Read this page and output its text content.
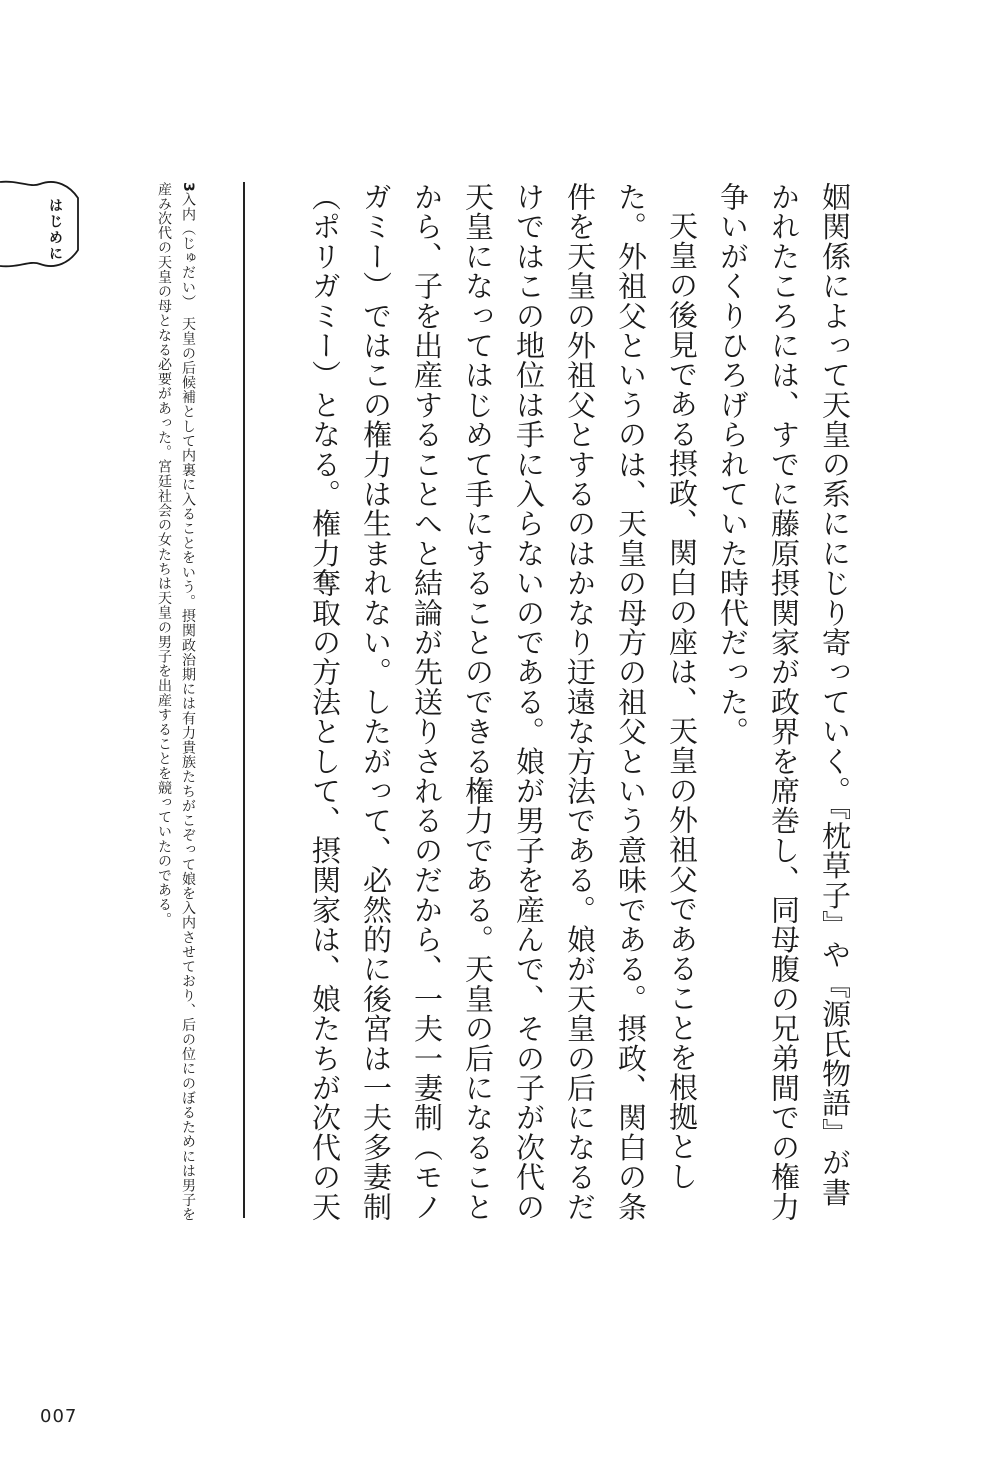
はじめに	姻関係によって天皇の系ににじり寄っていく。『枕草子』や『源氏物語』が書かれたころには、すでに藤原摂関家が政界を席巻し、同母腹の兄弟間での権力争いがくりひろげられていた時代だった。

天皇の後見である摂政、関白の座は、天皇の外祖父であることを根拠とした。外祖父というのは、天皇の母方の祖父という意味である。摂政、関白の条件を天皇の外祖父とするのはかなり迂遠な方法である。娘が天皇の后になるだけではこの地位は手に入らないのである。娘が男子を産んで、その子が次代の天皇になってはじめて手にすることのできる権力である。天皇の后になることから、子を出産することへと結論が先送りされるのだから、一夫一妻制（モノガミー）ではこの権力は生まれない。したがって、必然的に後宮は一夫多妻制（ポリガミー）となる。権力奪取の方法として、摂関家は、娘たちが次代の天

3入内（じゅだい）　天皇の后候補として内裏に入ることをいう。摂関政治期には有力貴族たちがこぞって娘を入内させており、后の位にのぼるためには男子を産み次代の天皇の母となる必要があった。宮廷社会の女たちは天皇の男子を出産することを競っていたのである。
007
